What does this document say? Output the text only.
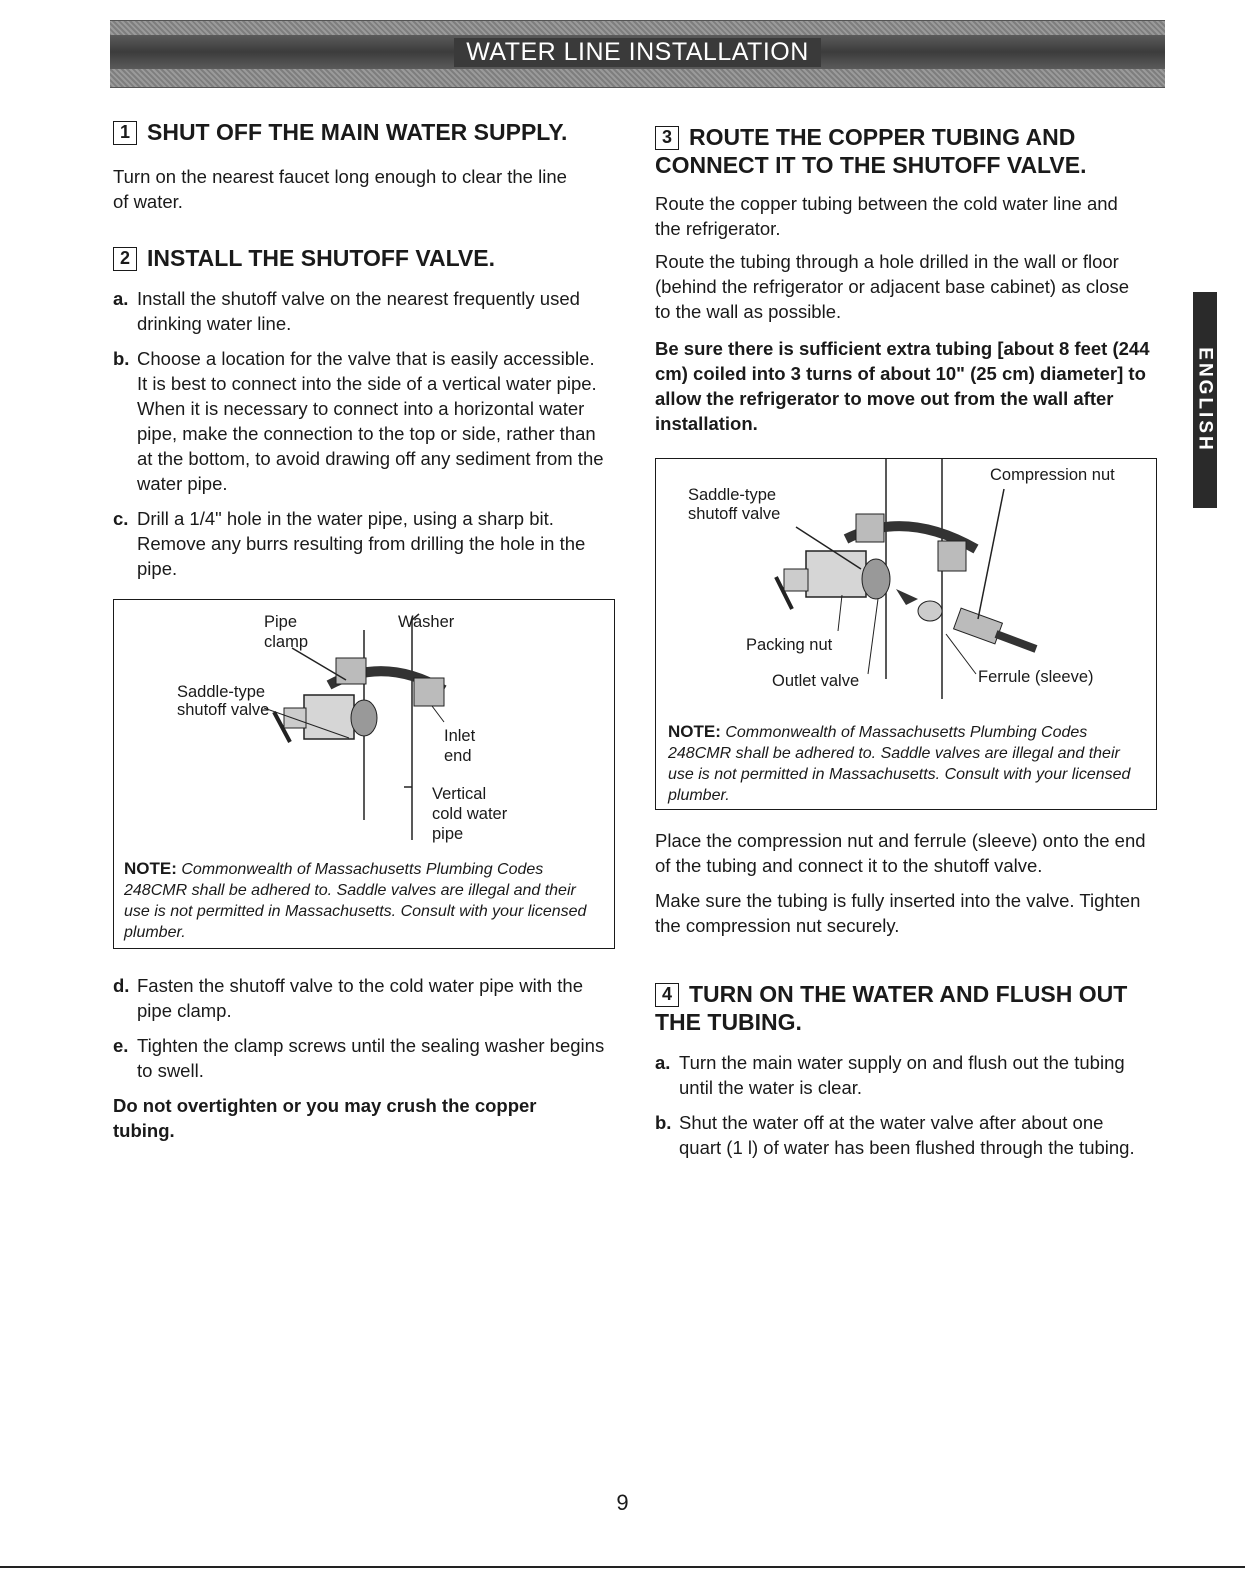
WATER LINE INSTALLATION
ENGLISH
1 SHUT OFF THE MAIN WATER SUPPLY.

Turn on the nearest faucet long enough to clear the line of water.

2 INSTALL THE SHUTOFF VALVE.
a. Install the shutoff valve on the nearest frequently used drinking water line.
b. Choose a location for the valve that is easily accessible. It is best to connect into the side of a vertical water pipe. When it is necessary to connect into a horizontal water pipe, make the connection to the top or side, rather than at the bottom, to avoid drawing off any sediment from the water pipe.
c. Drill a 1/4" hole in the water pipe, using a sharp bit. Remove any burrs resulting from drilling the hole in the pipe.
Pipe
clamp
Washer
Saddle-type
shutoff valve
Inlet
end
Vertical
cold water
pipe
NOTE: Commonwealth of Massachusetts Plumbing Codes 248CMR shall be adhered to. Saddle valves are illegal and their use is not permitted in Massachusetts. Consult with your licensed plumber.
d. Fasten the shutoff valve to the cold water pipe with the pipe clamp.
e. Tighten the clamp screws until the sealing washer begins to swell.

Do not overtighten or you may crush the copper tubing.

3 ROUTE THE COPPER TUBING AND CONNECT IT TO THE SHUTOFF VALVE.

Route the copper tubing between the cold water line and the refrigerator.

Route the tubing through a hole drilled in the wall or floor (behind the refrigerator or adjacent base cabinet) as close to the wall as possible.

Be sure there is sufficient extra tubing [about 8 feet (244 cm) coiled into 3 turns of about 10" (25 cm) diameter] to allow the refrigerator to move out from the wall after installation.

Compression nut
Saddle-type
shutoff valve
Packing nut
Outlet valve	Ferrule (sleeve)
NOTE: Commonwealth of Massachusetts Plumbing Codes 248CMR shall be adhered to. Saddle valves are illegal and their use is not permitted in Massachusetts. Consult with your licensed plumber.

Place the compression nut and ferrule (sleeve) onto the end of the tubing and connect it to the shutoff valve.

Make sure the tubing is fully inserted into the valve. Tighten the compression nut securely.

4 TURN ON THE WATER AND FLUSH OUT THE TUBING.
a. Turn the main water supply on and flush out the tubing until the water is clear.
b. Shut the water off at the water valve after about one quart (1 l) of water has been flushed through the tubing.
9
